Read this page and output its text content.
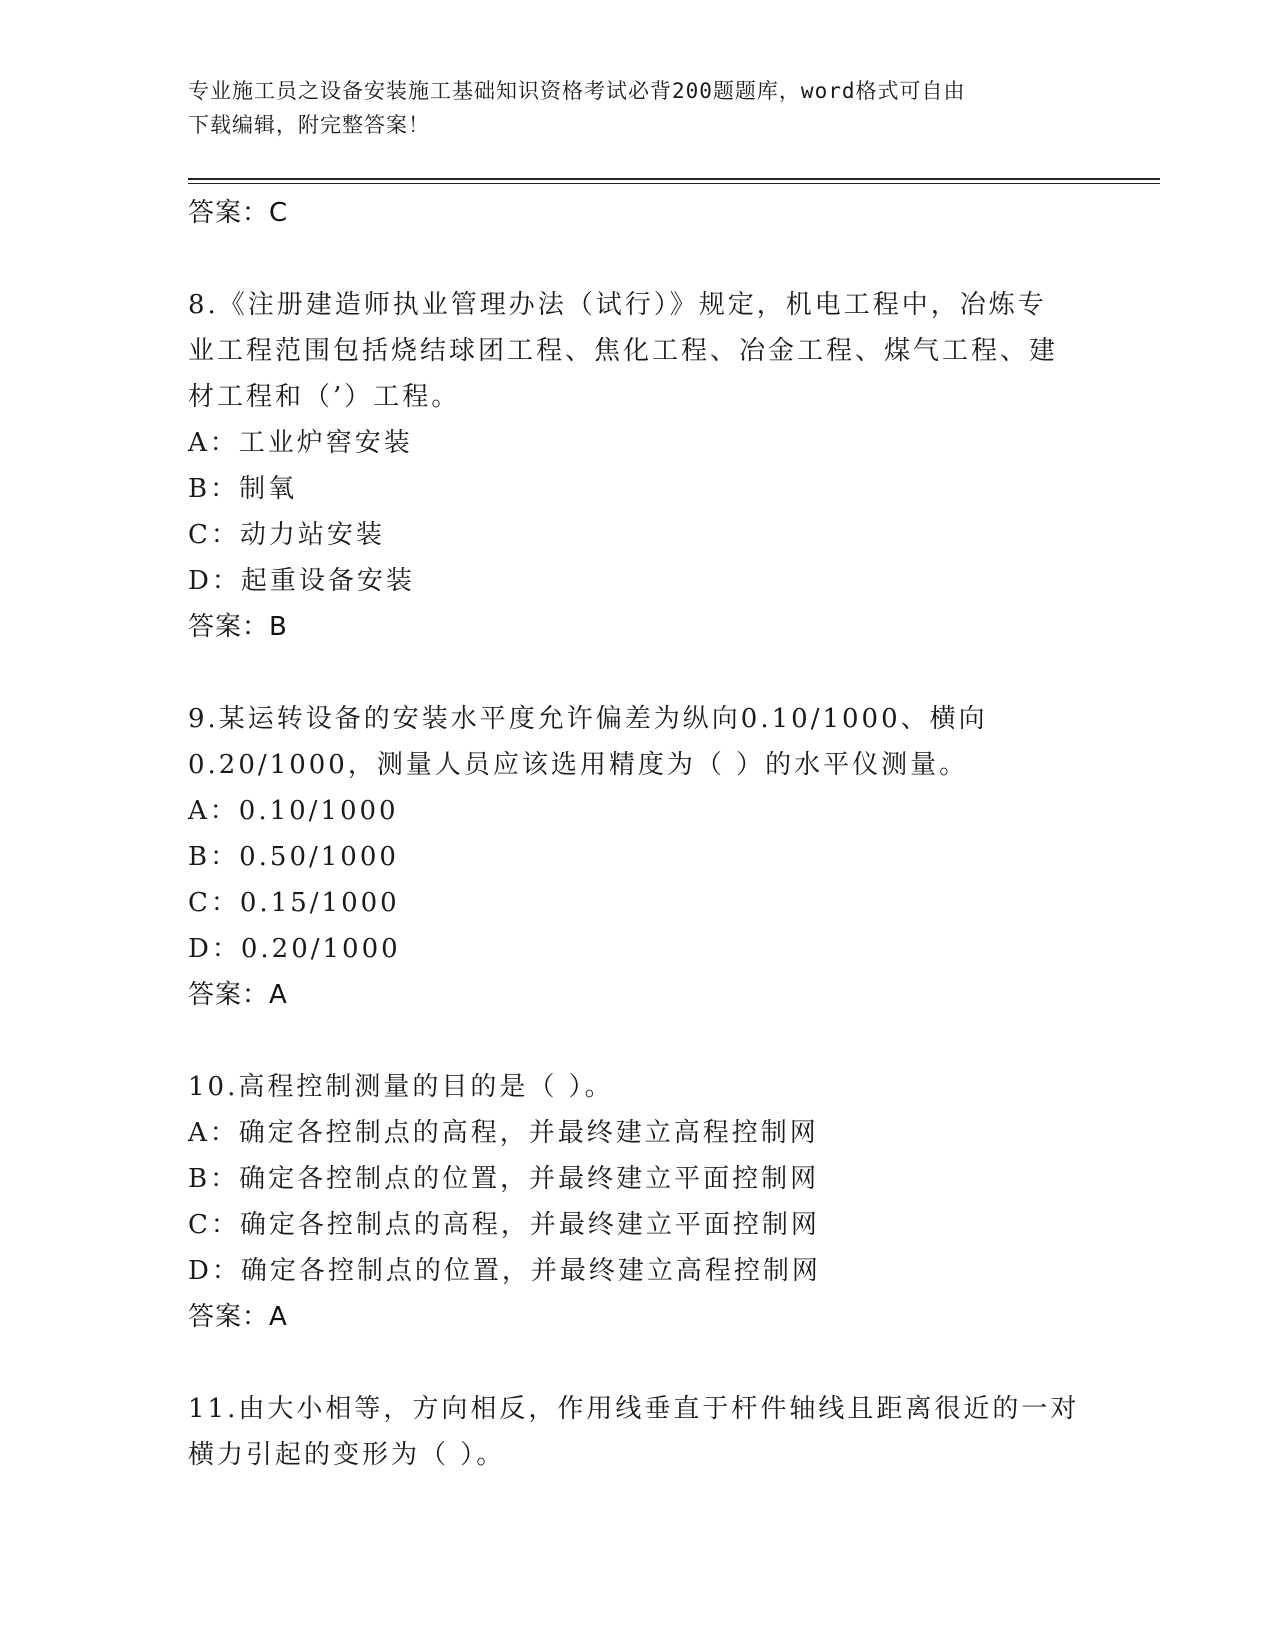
专业施工员之设备安装施工基础知识资格考试必背200题题库，word格式可自由
下载编辑，附完整答案！
答案：C
8.《注册建造师执业管理办法（试行）》规定，机电工程中，冶炼专
业工程范围包括烧结球团工程、焦化工程、冶金工程、煤气工程、建
材工程和（’）工程。
A：工业炉窖安装
B：制氧
C：动力站安装
D：起重设备安装
答案：B
9.某运转设备的安装水平度允许偏差为纵向0.10/1000、横向
0.20/1000，测量人员应该选用精度为（ ）的水平仪测量。
A：0.10/1000
B：0.50/1000
C：0.15/1000
D：0.20/1000
答案：A
10.高程控制测量的目的是（ ）。
A：确定各控制点的高程，并最终建立高程控制网
B：确定各控制点的位置，并最终建立平面控制网
C：确定各控制点的高程，并最终建立平面控制网
D：确定各控制点的位置，并最终建立高程控制网
答案：A
11.由大小相等，方向相反，作用线垂直于杆件轴线且距离很近的一对
横力引起的变形为（ ）。
